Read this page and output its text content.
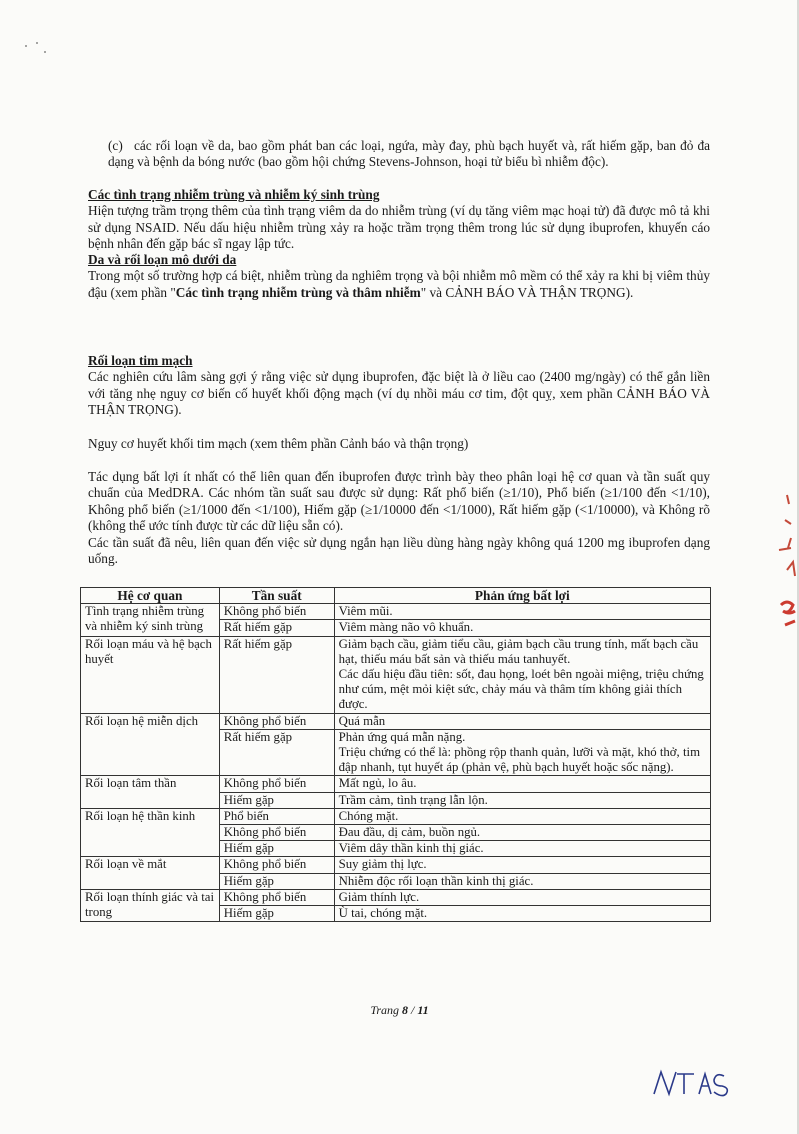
(c) các rối loạn về da, bao gồm phát ban các loại, ngứa, mày đay, phù bạch huyết và, rất hiếm gặp, ban đỏ đa dạng và bệnh da bóng nước (bao gồm hội chứng Stevens-Johnson, hoại tử biểu bì nhiễm độc).
Các tình trạng nhiễm trùng và nhiễm ký sinh trùng
Hiện tượng trầm trọng thêm của tình trạng viêm da do nhiễm trùng (ví dụ tăng viêm mạc hoại tử) đã được mô tả khi sử dụng NSAID. Nếu dấu hiệu nhiễm trùng xảy ra hoặc trầm trọng thêm trong lúc sử dụng ibuprofen, khuyến cáo bệnh nhân đến gặp bác sĩ ngay lập tức.
Da và rối loạn mô dưới da
Trong một số trường hợp cá biệt, nhiễm trùng da nghiêm trọng và bội nhiễm mô mềm có thể xảy ra khi bị viêm thủy đậu (xem phần "Các tình trạng nhiễm trùng và thâm nhiễm" và CẢNH BÁO VÀ THẬN TRỌNG).
Rối loạn tim mạch
Các nghiên cứu lâm sàng gợi ý rằng việc sử dụng ibuprofen, đặc biệt là ở liều cao (2400 mg/ngày) có thể gắn liền với tăng nhẹ nguy cơ biến cố huyết khối động mạch (ví dụ nhồi máu cơ tim, đột quỵ, xem phần CẢNH BÁO VÀ THẬN TRỌNG).
Nguy cơ huyết khối tim mạch (xem thêm phần Cảnh báo và thận trọng)
Tác dụng bất lợi ít nhất có thể liên quan đến ibuprofen được trình bày theo phân loại hệ cơ quan và tần suất quy chuẩn của MedDRA. Các nhóm tần suất sau được sử dụng: Rất phổ biến (≥1/10), Phổ biến (≥1/100 đến <1/10), Không phổ biến (≥1/1000 đến <1/100), Hiếm gặp (≥1/10000 đến <1/1000), Rất hiếm gặp (<1/10000), và Không rõ (không thể ước tính được từ các dữ liệu sẵn có).
Các tần suất đã nêu, liên quan đến việc sử dụng ngắn hạn liều dùng hàng ngày không quá 1200 mg ibuprofen dạng uống.
Hệ cơ quan	Tần suất	Phản ứng bất lợi
Tình trạng nhiễm trùng và nhiễm ký sinh trùng	Không phổ biến	Viêm mũi.
	Rất hiếm gặp	Viêm màng não vô khuẩn.
Rối loạn máu và hệ bạch huyết	Rất hiếm gặp	Giảm bạch cầu, giảm tiểu cầu, giảm bạch cầu trung tính, mất bạch cầu hạt, thiếu máu bất sản và thiếu máu tanhuyết.
Các dấu hiệu đầu tiên: sốt, đau họng, loét bên ngoài miệng, triệu chứng như cúm, mệt mỏi kiệt sức, chảy máu và thâm tím không giải thích được.
Rối loạn hệ miễn dịch	Không phổ biến	Quá mẫn
	Rất hiếm gặp	Phản ứng quá mẫn nặng.
Triệu chứng có thể là: phồng rộp thanh quản, lưỡi và mặt, khó thở, tim đập nhanh, tụt huyết áp (phản vệ, phù bạch huyết hoặc sốc nặng).
Rối loạn tâm thần	Không phổ biến	Mất ngủ, lo âu.
	Hiếm gặp	Trầm cảm, tình trạng lẫn lộn.
Rối loạn hệ thần kinh	Phổ biến	Chóng mặt.
	Không phổ biến	Đau đầu, dị cảm, buồn ngủ.
	Hiếm gặp	Viêm dây thần kinh thị giác.
Rối loạn về mắt	Không phổ biến	Suy giảm thị lực.
	Hiếm gặp	Nhiễm độc rối loạn thần kinh thị giác.
Rối loạn thính giác và tai trong	Không phổ biến	Giảm thính lực.
	Hiếm gặp	Ù tai, chóng mặt.
Trang 8 / 11
